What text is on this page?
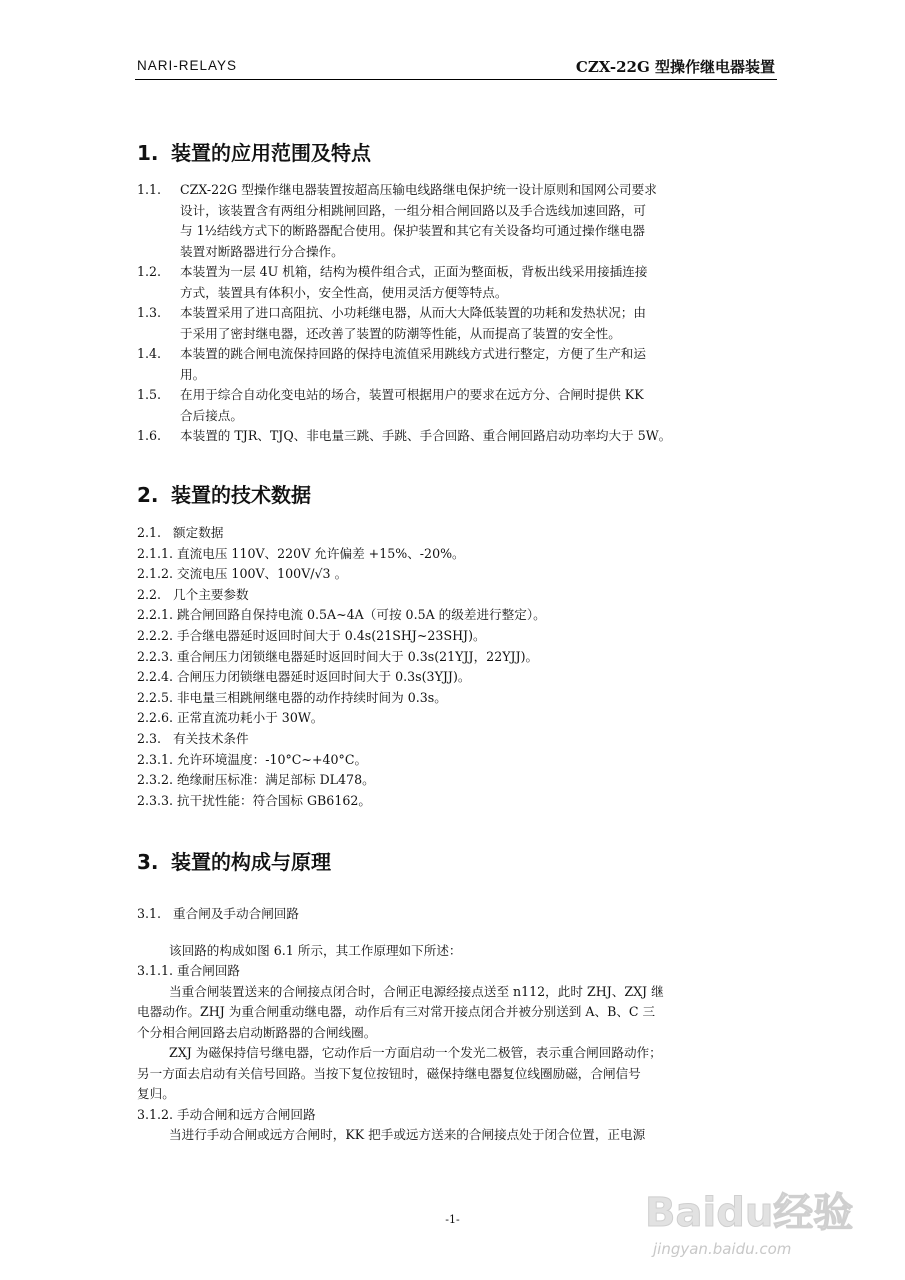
NARI-RELAYS	CZX-22G 型操作继电器装置
1. 装置的应用范围及特点
1.1. CZX-22G 型操作继电器装置按超高压输电线路继电保护统一设计原则和国网公司要求
设计，该装置含有两组分相跳闸回路，一组分相合闸回路以及手合选线加速回路，可
与 1½结线方式下的断路器配合使用。保护装置和其它有关设备均可通过操作继电器
装置对断路器进行分合操作。
1.2. 本装置为一层 4U 机箱，结构为模件组合式，正面为整面板，背板出线采用接插连接
方式，装置具有体积小，安全性高，使用灵活方便等特点。
1.3. 本装置采用了进口高阻抗、小功耗继电器，从而大大降低装置的功耗和发热状况；由
于采用了密封继电器，还改善了装置的防潮等性能，从而提高了装置的安全性。
1.4. 本装置的跳合闸电流保持回路的保持电流值采用跳线方式进行整定，方便了生产和运
用。
1.5. 在用于综合自动化变电站的场合，装置可根据用户的要求在远方分、合闸时提供 KK
合后接点。
1.6. 本装置的 TJR、TJQ、非电量三跳、手跳、手合回路、重合闸回路启动功率均大于 5W。
2. 装置的技术数据
2.1.   额定数据
2.1.1. 直流电压 110V、220V 允许偏差 +15%、-20%。
2.1.2. 交流电压 100V、100V/√3 。
2.2.   几个主要参数
2.2.1. 跳合闸回路自保持电流 0.5A~4A（可按 0.5A 的级差进行整定）。
2.2.2. 手合继电器延时返回时间大于 0.4s(21SHJ~23SHJ)。
2.2.3. 重合闸压力闭锁继电器延时返回时间大于 0.3s(21YJJ，22YJJ)。
2.2.4. 合闸压力闭锁继电器延时返回时间大于 0.3s(3YJJ)。
2.2.5. 非电量三相跳闸继电器的动作持续时间为 0.3s。
2.2.6. 正常直流功耗小于 30W。
2.3.   有关技术条件
2.3.1. 允许环境温度：-10°C~+40°C。
2.3.2. 绝缘耐压标准：满足部标 DL478。
2.3.3. 抗干扰性能：符合国标 GB6162。
3. 装置的构成与原理
3.1.   重合闸及手动合闸回路
该回路的构成如图 6.1 所示，其工作原理如下所述：
3.1.1. 重合闸回路
当重合闸装置送来的合闸接点闭合时，合闸正电源经接点送至 n112，此时 ZHJ、ZXJ 继
电器动作。ZHJ 为重合闸重动继电器，动作后有三对常开接点闭合并被分别送到 A、B、C 三
个分相合闸回路去启动断路器的合闸线圈。
ZXJ 为磁保持信号继电器，它动作后一方面启动一个发光二极管，表示重合闸回路动作；
另一方面去启动有关信号回路。当按下复位按钮时，磁保持继电器复位线圈励磁，合闸信号
复归。
3.1.2. 手动合闸和远方合闸回路
当进行手动合闸或远方合闸时，KK 把手或远方送来的合闸接点处于闭合位置，正电源
Baidu经验
jingyan.baidu.com
-1-
